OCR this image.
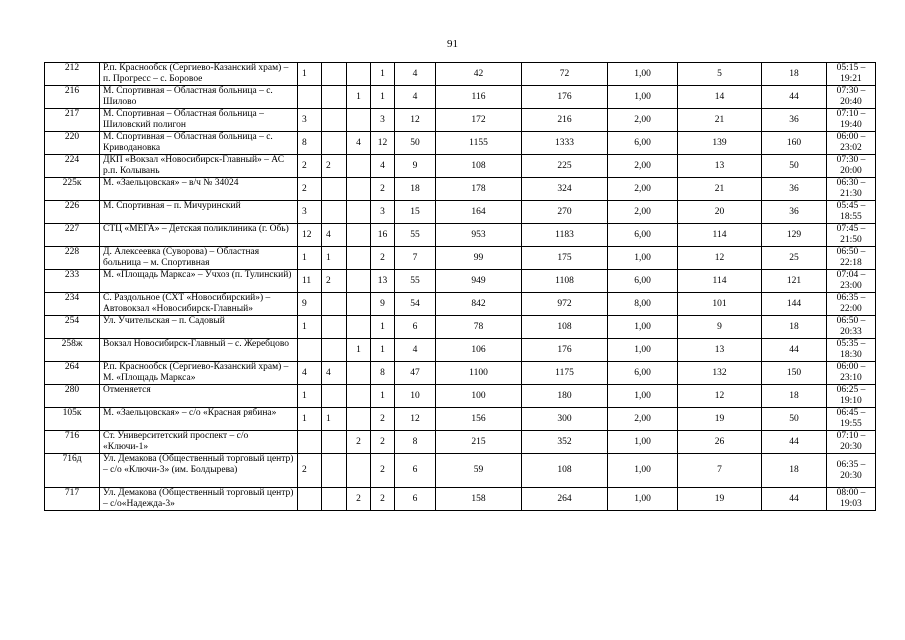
91
212	Р.п. Краснообск (Сергиево-Казанский храм) – п. Прогресс – с. Боровое	1			1	4	42	72	1,00	5	18	05:15 – 19:21
216	М. Спортивная – Областная больница – с. Шилово			1	1	4	116	176	1,00	14	44	07:30 – 20:40
217	М. Спортивная – Областная больница – Шиловский полигон	3			3	12	172	216	2,00	21	36	07:10 – 19:40
220	М. Спортивная – Областная больница – с. Криводановка	8		4	12	50	1155	1333	6,00	139	160	06:00 – 23:02
224	ДКП «Вокзал «Новосибирск-Главный» – АС р.п. Колывань	2	2		4	9	108	225	2,00	13	50	07:30 – 20:00
225к	М. «Заельцовская» – в/ч № 34024	2			2	18	178	324	2,00	21	36	06:30 – 21:30
226	М. Спортивная – п. Мичуринский	3			3	15	164	270	2,00	20	36	05:45 – 18:55
227	СТЦ «МЕГА» – Детская поликлиника (г. Обь)	12	4		16	55	953	1183	6,00	114	129	07:45 – 21:50
228	Д. Алексеевка (Суворова) – Областная больница – м. Спортивная	1	1		2	7	99	175	1,00	12	25	06:50 – 22:18
233	М. «Площадь Маркса» – Учхоз (п. Тулинский)	11	2		13	55	949	1108	6,00	114	121	07:04 – 23:00
234	С. Раздольное (СХТ «Новосибирский») – Автовокзал «Новосибирск-Главный»	9			9	54	842	972	8,00	101	144	06:35 – 22:00
254	Ул. Учительская – п. Садовый	1			1	6	78	108	1,00	9	18	06:50 – 20:33
258ж	Вокзал Новосибирск-Главный – с. Жеребцово			1	1	4	106	176	1,00	13	44	05:35 – 18:30
264	Р.п. Краснообск (Сергиево-Казанский храм) – М. «Площадь Маркса»	4	4		8	47	1100	1175	6,00	132	150	06:00 – 23:10
280	Отменяется	1			1	10	100	180	1,00	12	18	06:25 – 19:10
105к	М. «Заельцовская» – с/о «Красная рябина»	1	1		2	12	156	300	2,00	19	50	06:45 – 19:55
716	Ст. Университетский проспект – с/о «Ключи-1»			2	2	8	215	352	1,00	26	44	07:10 – 20:30
716д	Ул. Демакова (Общественный торговый центр) – с/о «Ключи-3» (им. Болдырева)	2			2	6	59	108	1,00	7	18	06:35 – 20:30
717	Ул. Демакова (Общественный торговый центр) – с/о«Надежда-3»			2	2	6	158	264	1,00	19	44	08:00 – 19:03
